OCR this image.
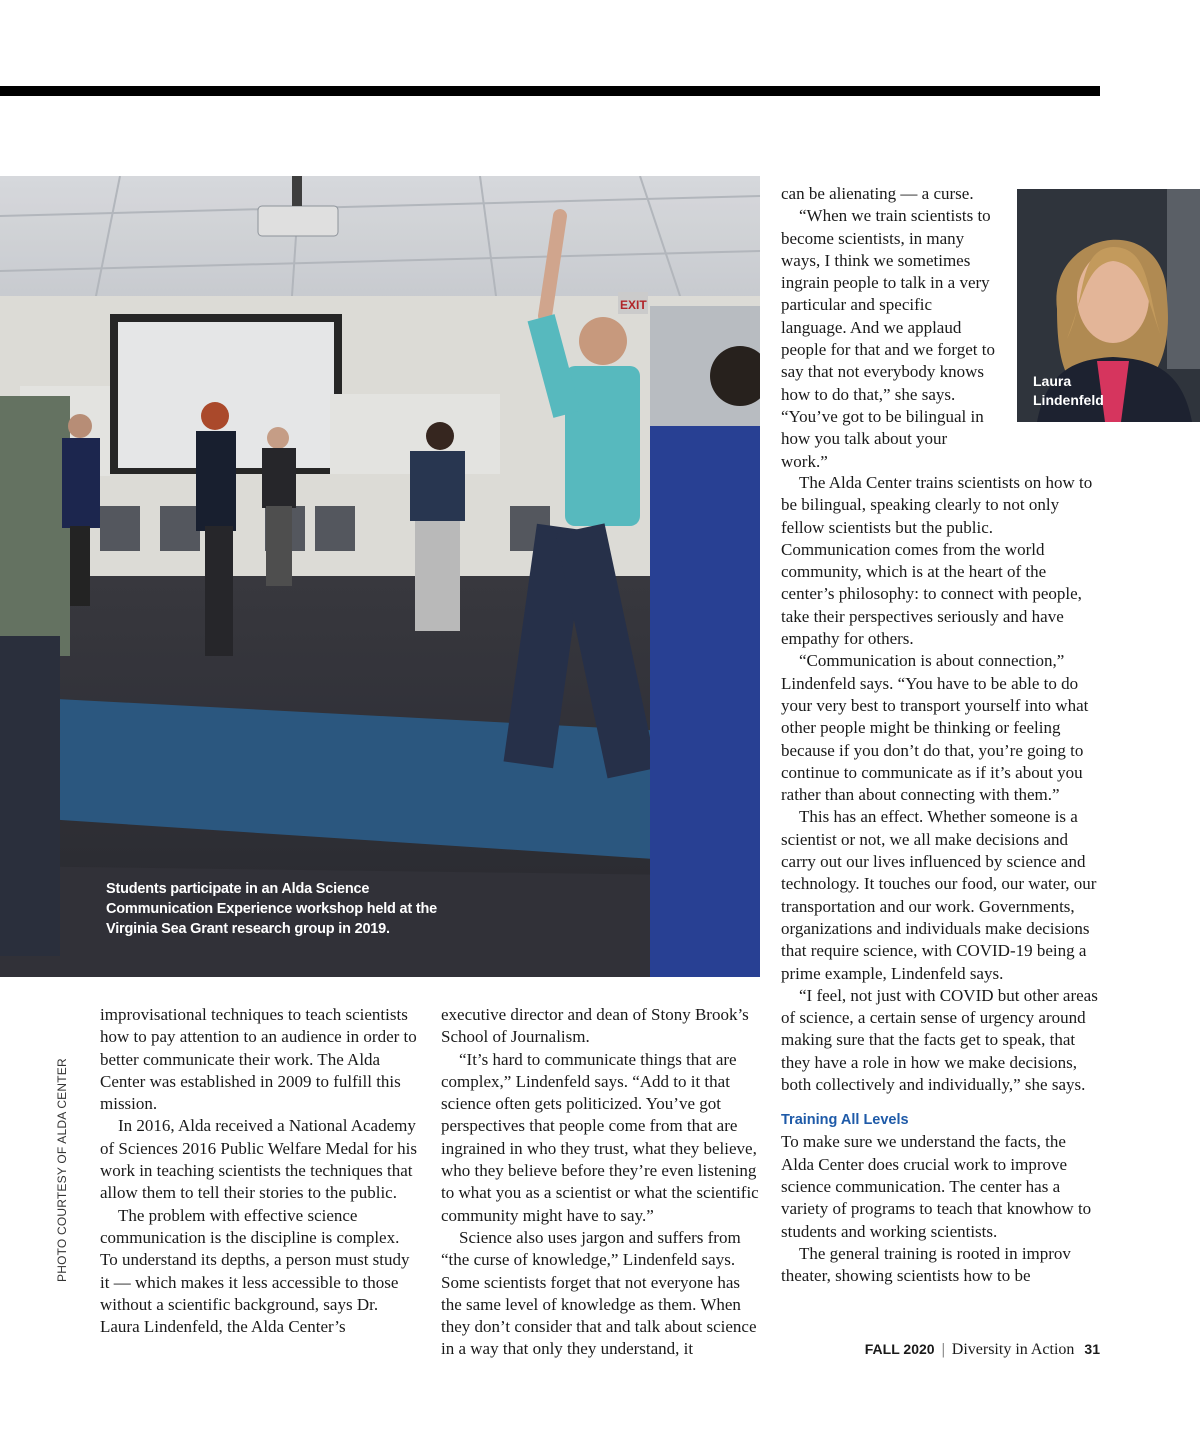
EXIT
Students participate in an Alda Science Communication Experience workshop held at the Virginia Sea Grant research group in 2019.
Laura
Lindenfeld

can be alienating — a curse.

“When we train scientists to become scientists, in many ways, I think we sometimes ingrain people to talk in a very particular and specific language. And we applaud people for that and we forget to say that not everybody knows how to do that,” she says. “You’ve got to be bilingual in how you talk about your work.”

The Alda Center trains scientists on how to be bilingual, speaking clearly to not only fellow scientists but the public. Communication comes from the world community, which is at the heart of the center’s philosophy: to connect with people, take their perspectives seriously and have empathy for others.

“Communication is about connection,” Lindenfeld says. “You have to be able to do your very best to transport yourself into what other people might be thinking or feeling because if you don’t do that, you’re going to continue to communicate as if it’s about you rather than about connecting with them.”

This has an effect. Whether someone is a scientist or not, we all make decisions and carry out our lives influenced by science and technology. It touches our food, our water, our transportation and our work. Governments, organizations and individuals make decisions that require science, with COVID-19 being a prime example, Lindenfeld says.

“I feel, not just with COVID but other areas of science, a certain sense of urgency around making sure that the facts get to speak, that they have a role in how we make decisions, both collectively and individually,” she says.

Training All Levels

To make sure we understand the facts, the Alda Center does crucial work to improve science communication. The center has a variety of programs to teach that knowhow to students and working scientists.

The general training is rooted in improv theater, showing scientists how to be

improvisational techniques to teach scientists how to pay attention to an audience in order to better communicate their work. The Alda Center was established in 2009 to fulfill this mission.

In 2016, Alda received a National Academy of Sciences 2016 Public Welfare Medal for his work in teaching scientists the techniques that allow them to tell their stories to the public.

The problem with effective science communication is the discipline is complex. To understand its depths, a person must study it — which makes it less accessible to those without a scientific background, says Dr. Laura Lindenfeld, the Alda Center’s

executive director and dean of Stony Brook’s School of Journalism.

“It’s hard to communicate things that are complex,” Lindenfeld says. “Add to it that science often gets politicized. You’ve got perspectives that people come from that are ingrained in who they trust, what they believe, who they believe before they’re even listening to what you as a scientist or what the scientific community might have to say.”

Science also uses jargon and suffers from “the curse of knowledge,” Lindenfeld says. Some scientists forget that not everyone has the same level of knowledge as them. When they don’t consider that and talk about science in a way that only they understand, it

PHOTO COURTESY OF ALDA CENTER
FALL 2020 | Diversity in Action 31
